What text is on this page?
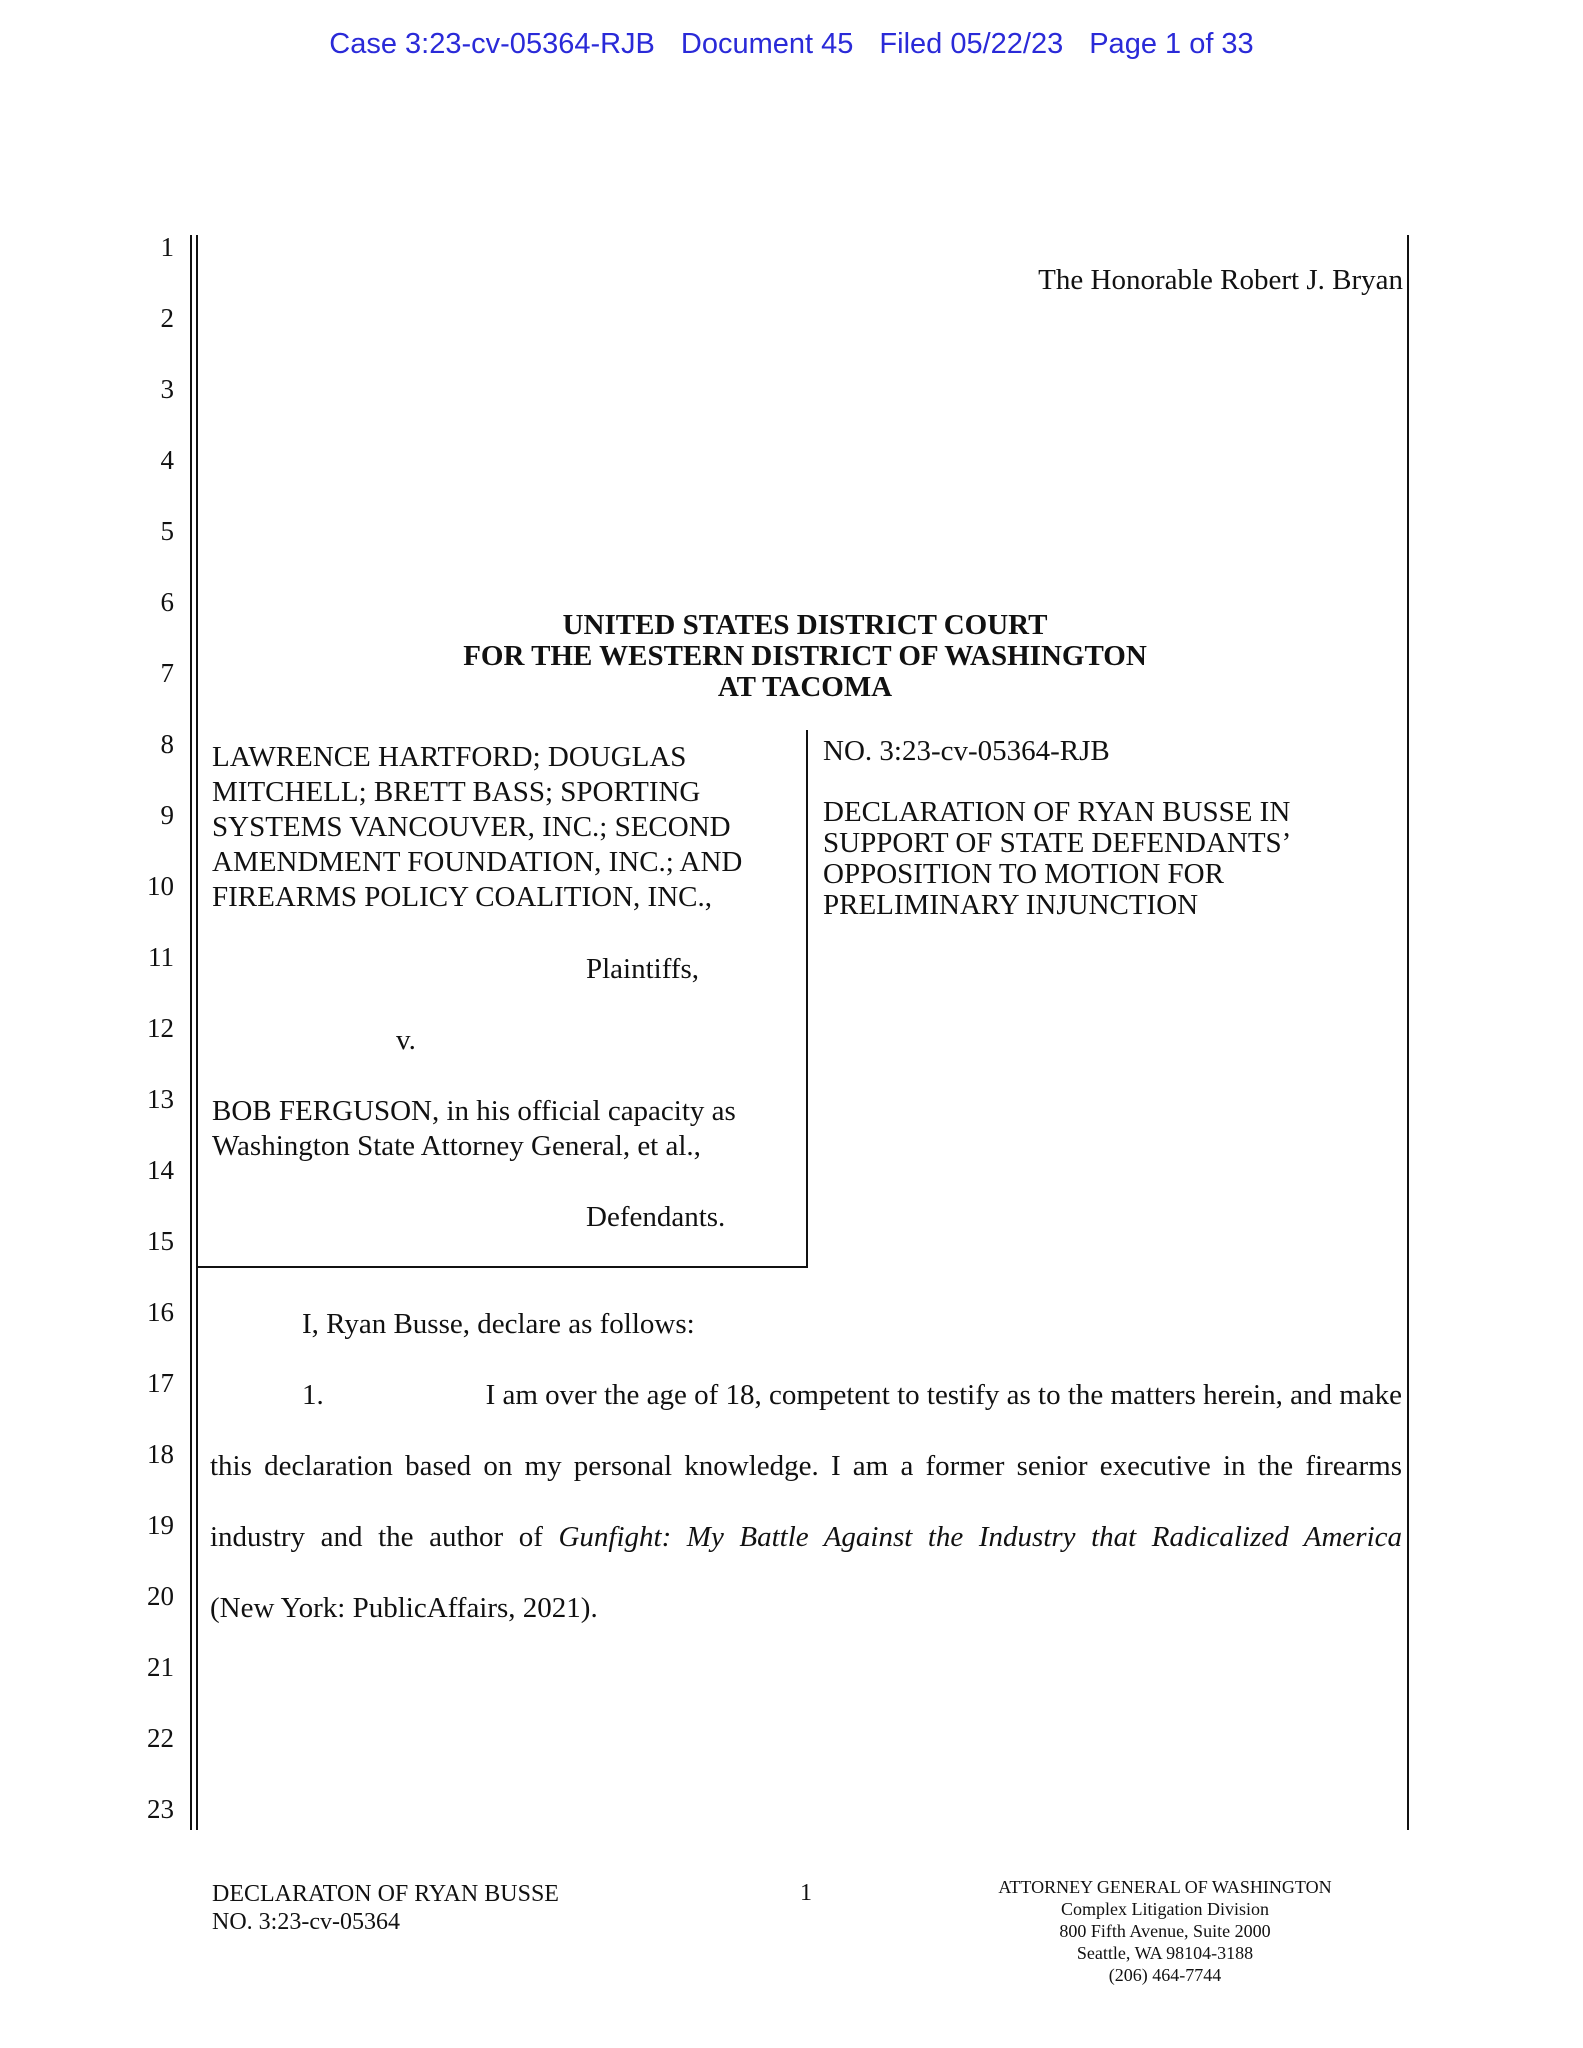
Case 3:23-cv-05364-RJB Document 45 Filed 05/22/23 Page 1 of 33
1
2
3
4
5
6
7
8
9
10
11
12
13
14
15
16
17
18
19
20
21
22
23
The Honorable Robert J. Bryan
UNITED STATES DISTRICT COURT
FOR THE WESTERN DISTRICT OF WASHINGTON
AT TACOMA
LAWRENCE HARTFORD; DOUGLAS
MITCHELL; BRETT BASS; SPORTING
SYSTEMS VANCOUVER, INC.; SECOND
AMENDMENT FOUNDATION, INC.; AND
FIREARMS POLICY COALITION, INC.,
Plaintiffs,
v.
BOB FERGUSON, in his official capacity as
Washington State Attorney General, et al.,
Defendants.
NO. 3:23-cv-05364-RJB
DECLARATION OF RYAN BUSSE IN
SUPPORT OF STATE DEFENDANTS’
OPPOSITION TO MOTION FOR
PRELIMINARY INJUNCTION
I, Ryan Busse, declare as follows:
1.	I am over the age of 18, competent to testify as to the matters herein, and make
this declaration based on my personal knowledge. I am a former senior executive in the firearms
industry and the author of Gunfight: My Battle Against the Industry that Radicalized America
(New York: PublicAffairs, 2021).
DECLARATON OF RYAN BUSSE
NO. 3:23-cv-05364
1	ATTORNEY GENERAL OF WASHINGTON
Complex Litigation Division
800 Fifth Avenue, Suite 2000
Seattle, WA 98104-3188
(206) 464-7744
